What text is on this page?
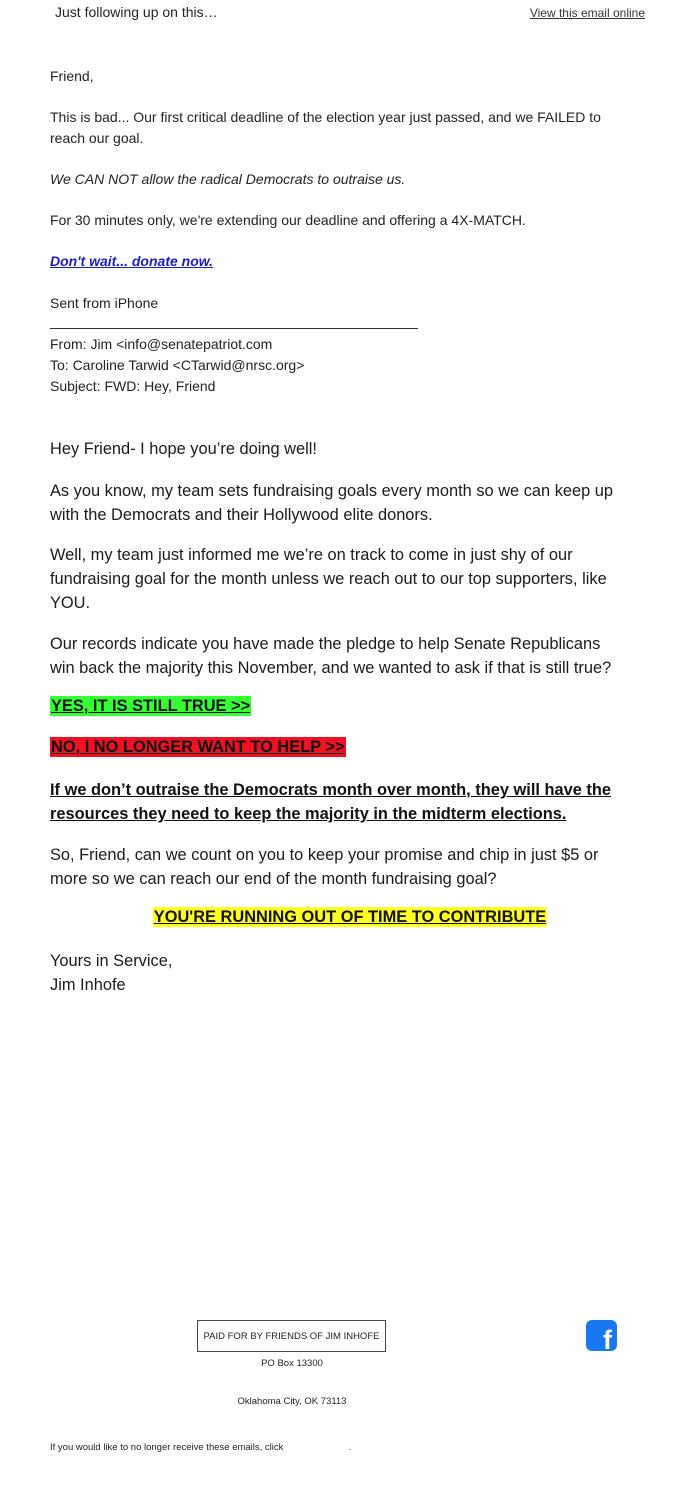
Just following up on this…	View this email online
Friend,
This is bad... Our first critical deadline of the election year just passed, and we FAILED to
reach our goal.
We CAN NOT allow the radical Democrats to outraise us.
For 30 minutes only, we're extending our deadline and offering a 4X-MATCH.
Don't wait... donate now.
Sent from iPhone
From: Jim <info@senatepatriot.com
To: Caroline Tarwid <CTarwid@nrsc.org>
Subject: FWD: Hey, Friend
Hey Friend- I hope you’re doing well!
As you know, my team sets fundraising goals every month so we can keep up
with the Democrats and their Hollywood elite donors.
Well, my team just informed me we’re on track to come in just shy of our
fundraising goal for the month unless we reach out to our top supporters, like
YOU.
Our records indicate you have made the pledge to help Senate Republicans
win back the majority this November, and we wanted to ask if that is still true?
YES, IT IS STILL TRUE >>
NO, I NO LONGER WANT TO HELP >>
If we don’t outraise the Democrats month over month, they will have the
resources they need to keep the majority in the midterm elections.
So, Friend, can we count on you to keep your promise and chip in just $5 or
more so we can reach our end of the month fundraising goal?
YOU'RE RUNNING OUT OF TIME TO CONTRIBUTE
Yours in Service,
Jim Inhofe
PAID FOR BY FRIENDS OF JIM INHOFE
PO Box 13300
Oklahoma City, OK 73113
f
If you would like to no longer receive these emails, click	.
